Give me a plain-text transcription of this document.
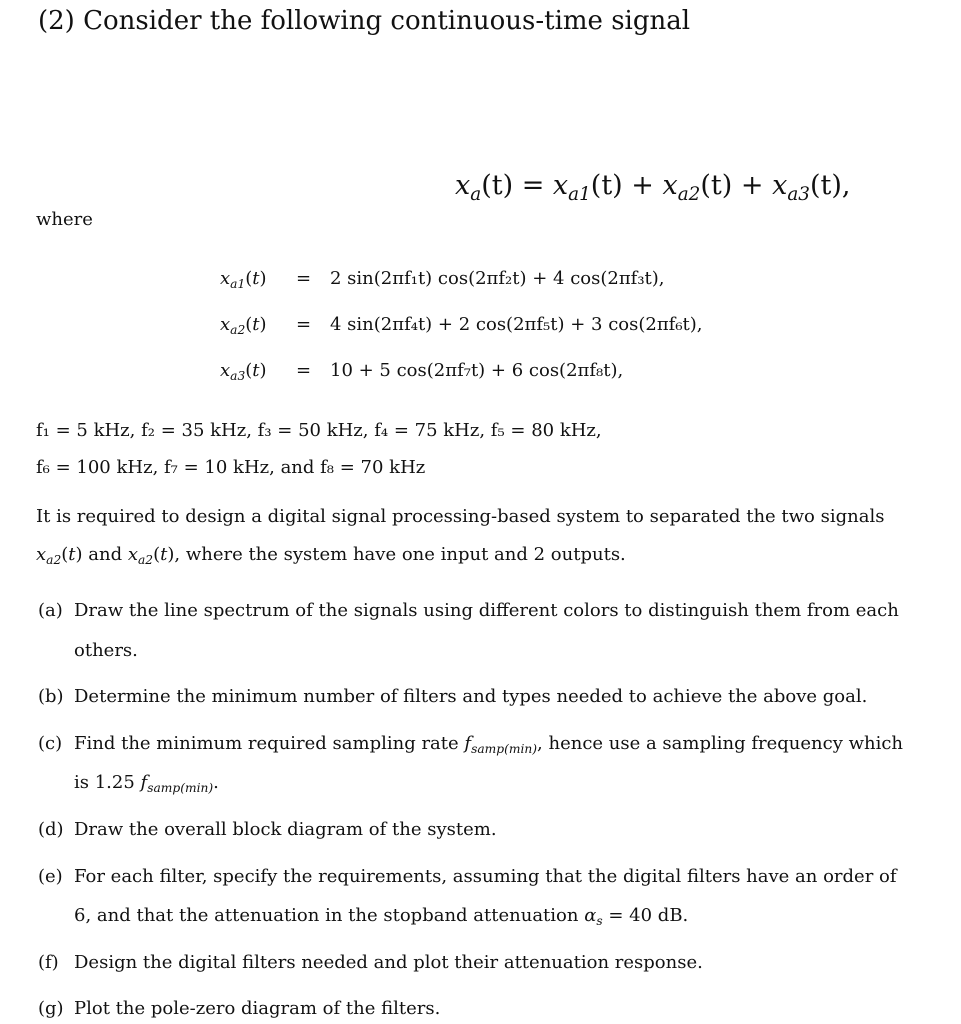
(2) Consider the following continuous-time signal
$x_a(t) = x_{a1}(t) + x_{a2}(t) + x_{a3}(t)$,
where
$x_{a1}(t) = 2$ sin(2πf₁t) cos(2πf₂t) + 4 cos(2πf₃t),
$x_{a2}(t) = 4$ sin(2πf₄t) + 2 cos(2πf₅t) + 3 cos(2πf₆t),
$x_{a3}(t) = 10 + 5$ cos(2πf₇t) + 6 cos(2πf₈t),
f₁ = 5 kHz, f₂ = 35 kHz, f₃ = 50 kHz, f₄ = 75 kHz, f₅ = 80 kHz,
f₆ = 100 kHz, f₇ = 10 kHz, and f₈ = 70 kHz
It is required to design a digital signal processing-based system to separated the two signals
$x_{a2}(t)$ and $x_{a2}(t)$, where the system have one input and 2 outputs.
(a) Draw the line spectrum of the signals using different colors to distinguish them from each
others.
(b) Determine the minimum number of filters and types needed to achieve the above goal.
(c) Find the minimum required sampling rate $f_{samp(min)}$, hence use a sampling frequency which
is 1.25 $f_{samp(min)}$.
(d) Draw the overall block diagram of the system.
(e) For each filter, specify the requirements, assuming that the digital filters have an order of
6, and that the attenuation in the stopband attenuation $\alpha_s = 40$ dB.
(f) Design the digital filters needed and plot their attenuation response.
(g) Plot the pole-zero diagram of the filters.
